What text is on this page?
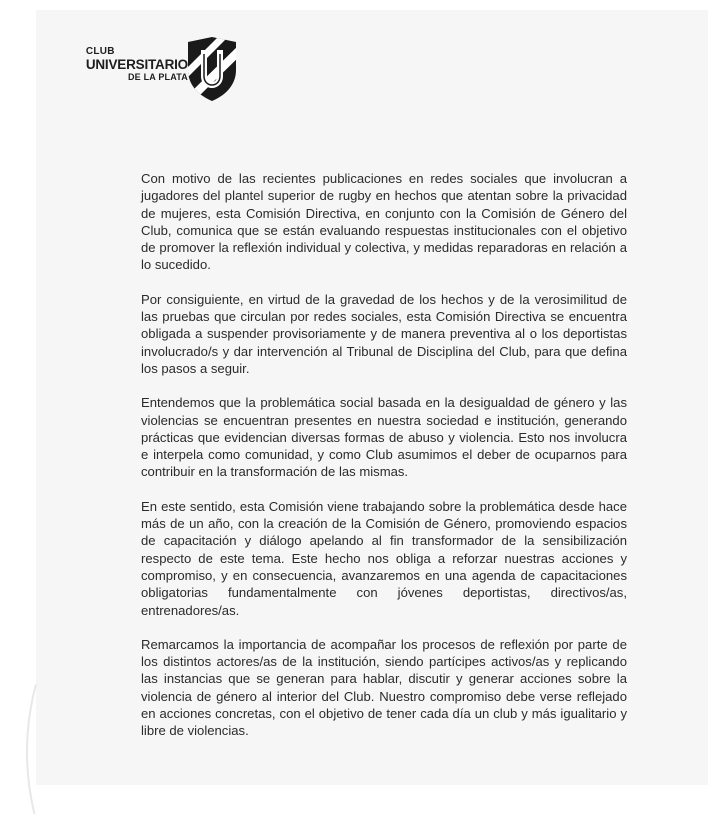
CLUB
UNIVERSITARIO
DE LA PLATA

Con motivo de las recientes publicaciones en redes sociales que involucran a jugadores del plantel superior de rugby en hechos que atentan sobre la privacidad de mujeres, esta Comisión Directiva, en conjunto con la Comisión de Género del Club, comunica que se están evaluando respuestas institucionales con el objetivo de promover la reflexión individual y colectiva, y medidas reparadoras en relación a lo sucedido.

Por consiguiente, en virtud de la gravedad de los hechos y de la verosimilitud de las pruebas que circulan por redes sociales, esta Comisión Directiva se encuentra obligada a suspender provisoriamente y de manera preventiva al o los deportistas involucrado/s y dar intervención al Tribunal de Disciplina del Club, para que defina los pasos a seguir.

Entendemos que la problemática social basada en la desigualdad de género y las violencias se encuentran presentes en nuestra sociedad e institución, generando prácticas que evidencian diversas formas de abuso y violencia. Esto nos involucra e interpela como comunidad, y como Club asumimos el deber de ocuparnos para contribuir en la transformación de las mismas.

En este sentido, esta Comisión viene trabajando sobre la problemática desde hace más de un año, con la creación de la Comisión de Género, promoviendo espacios de capacitación y diálogo apelando al fin transformador de la sensibilización respecto de este tema. Este hecho nos obliga a reforzar nuestras acciones y compromiso, y en consecuencia, avanzaremos en una agenda de capacitaciones obligatorias fundamentalmente con jóvenes deportistas, directivos/as, entrenadores/as.

Remarcamos la importancia de acompañar los procesos de reflexión por parte de los distintos actores/as de la institución, siendo partícipes activos/as y replicando las instancias que se generan para hablar, discutir y generar acciones sobre la violencia de género al interior del Club. Nuestro compromiso debe verse reflejado en acciones concretas, con el objetivo de tener cada día un club y más igualitario y libre de violencias.
